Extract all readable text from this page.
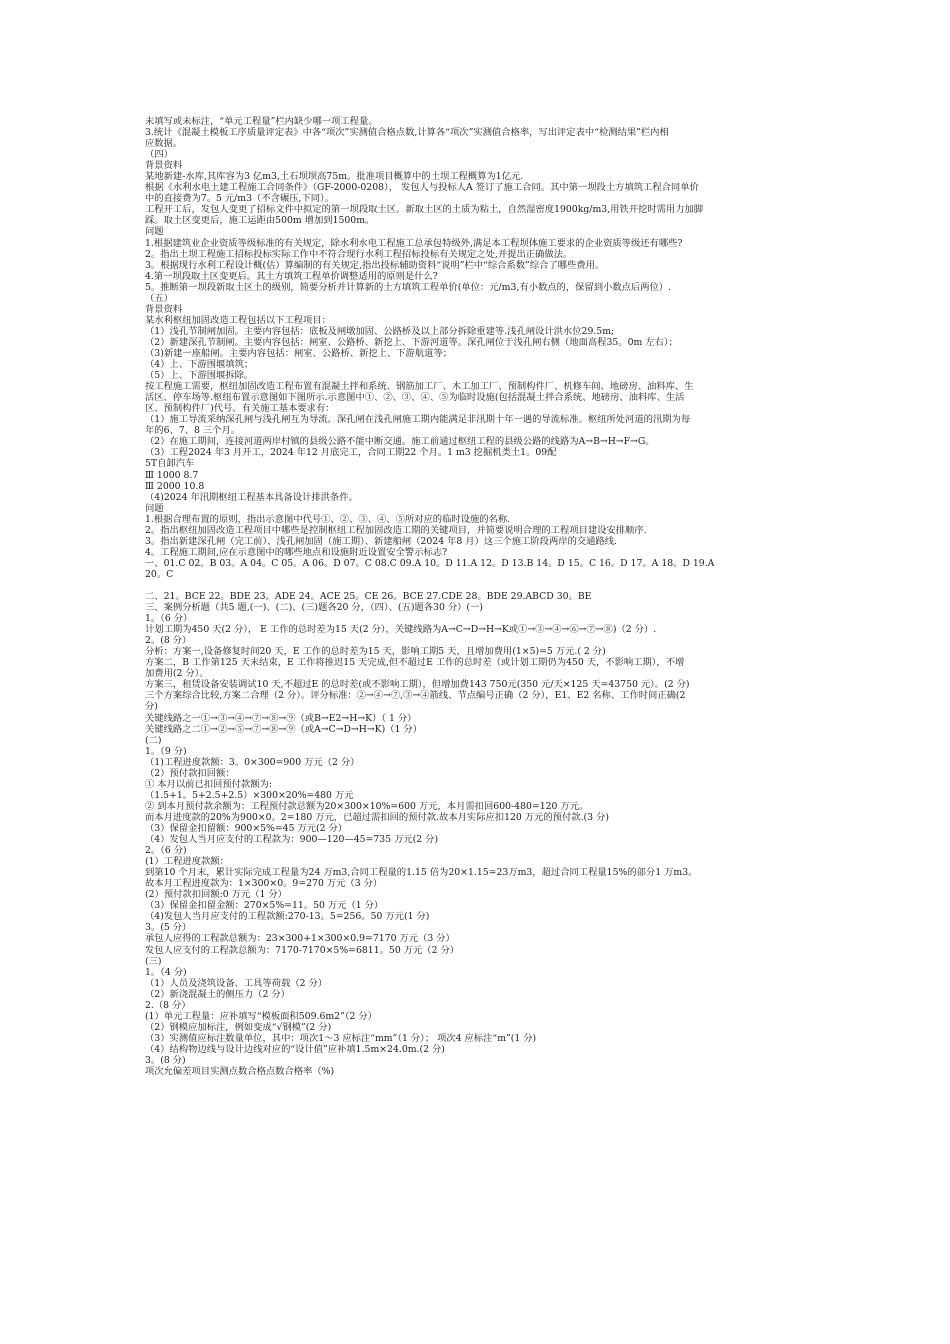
未填写或未标注，“单元工程量”栏内缺少哪一项工程量。
3.统计《混凝土模板工序质量评定表》中各“项次”实测值合格点数,计算各“项次”实测值合格率，写出评定表中“检测结果”栏内相
应数据。
（四）
背景资料
某地新建-水库,其库容为3 亿m3,土石坝坝高75m。批准项目概算中的土坝工程概算为1亿元.
根据《水利水电土建工程施工合同条件》（GF-2000-0208）， 发包人与投标人A 签订了施工合同。其中第一坝段土方填筑工程合同单价
中的直接费为7。5 元/m3（不含碾压,下同）。
工程开工后，发包人变更了招标文件中拟定的第一坝段取土区。新取土区的土质为粘土，自然湿密度1900kg/m3,用铁开挖时需用力加脚
踩。取土区变更后，施工运距由500m 增加到1500m。
问题
1.根据建筑业企业资质等级标准的有关规定，除水利水电工程施工总承包特级外,满足本工程坝体施工要求的企业资质等级还有哪些?
2。指出土坝工程施工招标投标实际工作中不符合现行水利工程招标投标有关规定之处,并提出正确做法。
3。根据现行水利工程设计概(估）算编制的有关规定,指出投标辅助资料“说明”栏中“综合系数”综合了哪些费用。
4.第一坝段取土区变更后。其土方填筑工程单价调整适用的原则是什么?
5。推断第一坝段新取土区土的级别，简要分析并计算新的土方填筑工程单价(单位：元/m3,有小数点的，保留到小数点后两位）.
（五）
背景资料
某水利枢纽加固改造工程包括以下工程项目：
（1）浅孔节制闸加固。主要内容包括：底板及闸墩加固、公路桥及以上部分拆除重建等.浅孔闸设计洪水位29.5m;
（2）新建深孔节制闸。主要内容包括：闸室、公路桥、新挖上、下游河道等。深孔闸位于浅孔闸右侧（地面高程35。0m 左右）；
（3)新建一座船闸。主要内容包括：闸室、公路桥、新挖上、下游航道等；
（4）上、下游围堰填筑；
（5）上、下游围堰拆除。
按工程施工需要，枢纽加固改造工程布置有混凝土拌和系统、钢筋加工厂、木工加工厂、预制构件厂、机修车间、地磅房、油料库、生
活区、停车场等.枢纽布置示意图如下图所示.示意图中①、②、③、④、⑤为临时设施(包括混凝土拌合系统、地磅房、油料库、生活
区、预制构件厂)代号。有关施工基本要求有：
（1）施工导流采纳深孔闸与浅孔闸互为导流。深孔闸在浅孔闸施工期内能满足非汛期十年一遇的导流标准。枢纽所处河道的汛期为每
年的6、7、8 三个月。
（2）在施工期间，连接河道两岸村镇的县级公路不能中断交通。施工前通过枢纽工程的县级公路的线路为A→B→H→F→G。
（3）工程2024 年3 月开工，2024 年12 月底完工，合同工期22 个月。1 m3 挖掘机类土1。09配
5T自卸汽车
Ⅲ 1000 8.7
Ⅲ 2000 10.8
（4)2024 年汛期枢纽工程基本具备设计排洪条件。
问题
1.根据合理布置的原则，指出示意图中代号①、②、③、④、⑤所对应的临时设施的名称.
2。指出枢纽加固改造工程项目中哪些是控制枢纽工程加固改造工期的关键项目，并简要说明合理的工程项目建设安排顺序.
3。指出新建深孔闸（完工前）、浅孔闸加固（施工期）、新建船闸（2024 年8 月）这三个施工阶段两岸的交通路线.
4。工程施工期间,应在示意图中的哪些地点和设施附近设置安全警示标志?
一、01.C 02。B 03。A 04。C 05。A 06。D 07。C 08.C 09.A 10。D 11.A 12。D 13.B 14。D 15。C 16。D 17。A 18。D 19.A
20。C
二、21。BCE 22。BDE 23。ADE 24。ACE 25。CE 26。BCE 27.CDE 28。BDE 29.ABCD 30。BE
三、案例分析题（共5 题,(一)、(二)、(三)题各20 分，（四）、(五)题各30 分）(一)
1。（6 分）
计划工期为450 天(2 分）， E 工作的总时差为15 天(2 分），关键线路为A→C→D→H→K或①→③→④→⑥→⑦→⑧)（2 分）.
2。(8 分）
分析：方案一,设备修复时间20 天，E 工作的总时差为15 天，影响工期5 天，且增加费用(1×5)=5 万元.( 2 分)
方案二，B 工作第125 天末结束，E 工作将推迟15 天完成,但不超过E 工作的总时差（或计划工期仍为450 天，不影响工期），不增
加费用(2 分）。
方案三，租赁设备安装调试10 天,不超过E 的总时差(或不影响工期），但增加费143 750元(350 元/天×125 天=43750 元）。(2 分)
三个方案综合比较,方案二合理（2 分）。评分标准：②→④→⑦,③→④箭线、节点编号正确（2 分），E1、E2 名称、工作时间正确(2
分)
关键线路之一①→③→④→⑦→⑧→⑨（或B→E2→H→K）（ 1 分）
关键线路之二①→②→⑤→⑦→⑧→⑨（或A→C→D→H→K)（1 分）
(二)
1。（9 分)
（1)工程进度款额：3。0×300=900 万元（2 分）
（2）预付款扣回额：
① 本月以前已扣回预付款额为:
（1.5+1。5+2.5+2.5）×300×20%=480 万元
② 到本月预付款余额为：工程预付款总额为20×300×10%=600 万元，本月需扣回600-480=120 万元。
而本月进度款的20%为900×0。2=180 万元，已超过需扣回的预付款.故本月实际应扣120 万元的预付款.(3 分)
（3）保留金扣留额：900×5%=45 万元(2 分）
（4）发包人当月应支付的工程款为：900—120—45=735 万元(2 分)
2。（6 分)
(1）工程进度款额：
到第10 个月末，累计实际完成工程量为24 万m3,合同工程量的1.15 倍为20×1.15=23万m3，超过合同工程量15%的部分1 万m3。
故本月工程进度款为：1×300×0。9=270 万元（3 分）
(2）预付款扣回额:0 万元（1 分）
（3）保留金扣留金额：270×5%=11。50 万元（1 分）
（4)发包人当月应支付的工程款额:270-13。5=256。50 万元(1 分)
3。(5 分）
承包人应得的工程款总额为：23×300+1×300×0.9=7170 万元（3 分）
发包人应支付的工程款总额为：7170-7170×5%=6811。50 万元（2 分）
(三)
1。（4 分)
（1）人员及浇筑设备、工具等荷载（2 分）
（2）新浇混凝土的侧压力（2 分）
2.（8 分）
(1）单元工程量：应补填写“模板面积509.6m2”（2 分）
（2）钢模应加标注，例如变成“√钢模”(2 分)
（3）实测值应标注数量单位，其中：项次1～3 应标注“mm”（1 分）； 项次4 应标注“m”(1 分)
（4）结构物边线与设计边线对应的“设计值”应补填1.5m×24.0m.(2 分)
3。(8 分)
项次允偏差项目实测点数合格点数合格率（%)
